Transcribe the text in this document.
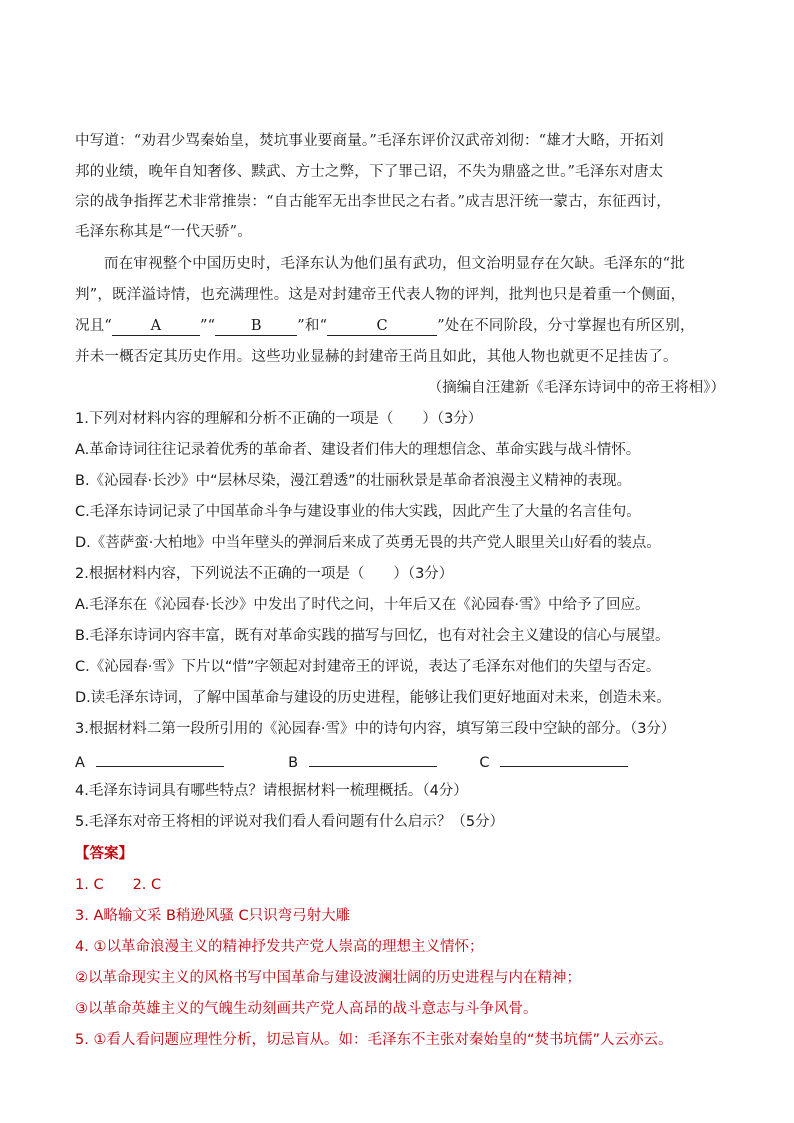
中写道：“劝君少骂秦始皇，焚坑事业要商量。”毛泽东评价汉武帝刘彻：“雄才大略，开拓刘
邦的业绩，晚年自知奢侈、黩武、方士之弊，下了罪己诏，不失为鼎盛之世。”毛泽东对唐太
宗的战争指挥艺术非常推崇：“自古能军无出李世民之右者。”成吉思汗统一蒙古，东征西讨，
毛泽东称其是“一代天骄”。
而在审视整个中国历史时，毛泽东认为他们虽有武功，但文治明显存在欠缺。毛泽东的“批
判”，既洋溢诗情，也充满理性。这是对封建帝王代表人物的评判，批判也只是着重一个侧面，
况且“	A	”“ B ”和“	C	”处在不同阶段，分寸掌握也有所区别，
并未一概否定其历史作用。这些功业显赫的封建帝王尚且如此，其他人物也就更不足挂齿了。
（摘编自汪建新《毛泽东诗词中的帝王将相》）
1.下列对材料内容的理解和分析不正确的一项是（　　）（3分）
A.革命诗词往往记录着优秀的革命者、建设者们伟大的理想信念、革命实践与战斗情怀。
B.《沁园春·长沙》中“层林尽染，漫江碧透”的壮丽秋景是革命者浪漫主义精神的表现。
C.毛泽东诗词记录了中国革命斗争与建设事业的伟大实践，因此产生了大量的名言佳句。
D.《菩萨蛮·大柏地》中当年壁头的弹洞后来成了英勇无畏的共产党人眼里关山好看的装点。
2.根据材料内容，下列说法不正确的一项是（　　）（3分）
A.毛泽东在《沁园春·长沙》中发出了时代之问，十年后又在《沁园春·雪》中给予了回应。
B.毛泽东诗词内容丰富，既有对革命实践的描写与回忆，也有对社会主义建设的信心与展望。
C.《沁园春·雪》下片以“惜”字领起对封建帝王的评说，表达了毛泽东对他们的失望与否定。
D.读毛泽东诗词，了解中国革命与建设的历史进程，能够让我们更好地面对未来，创造未来。
3.根据材料二第一段所引用的《沁园春·雪》中的诗句内容，填写第三段中空缺的部分。（3分）
A	B	C
4.毛泽东诗词具有哪些特点？请根据材料一梳理概括。（4分）
5.毛泽东对帝王将相的评说对我们看人看问题有什么启示？（5分）
【答案】
1. C　　2. C
3. A略输文采 B稍逊风骚 C只识弯弓射大雕
4. ①以革命浪漫主义的精神抒发共产党人崇高的理想主义情怀；
②以革命现实主义的风格书写中国革命与建设波澜壮阔的历史进程与内在精神；
③以革命英雄主义的气魄生动刻画共产党人高昂的战斗意志与斗争风骨。
5. ①看人看问题应理性分析，切忌盲从。如：毛泽东不主张对秦始皇的“焚书坑儒”人云亦云。
